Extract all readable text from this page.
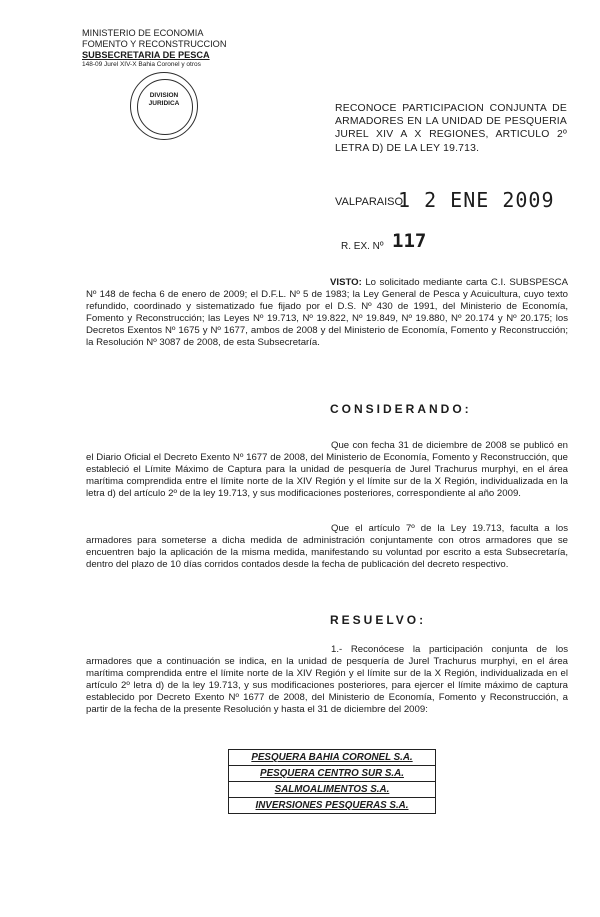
MINISTERIO DE ECONOMIA
FOMENTO Y RECONSTRUCCION
SUBSECRETARIA DE PESCA
148-09 Jurel XIV-X Bahia Coronel y otros
DIVISION
JURIDICA	RECONOCE PARTICIPACION CONJUNTA DE ARMADORES EN LA UNIDAD DE PESQUERIA JUREL XIV A X REGIONES, ARTICULO 2º LETRA D) DE LA LEY 19.713.
VALPARAISO,
1 2 ENE 2009
R. EX. Nº 117

VISTO: Lo solicitado mediante carta C.I. SUBSPESCA Nº 148 de fecha 6 de enero de 2009; el D.F.L. Nº 5 de 1983; la Ley General de Pesca y Acuicultura, cuyo texto refundido, coordinado y sistematizado fue fijado por el D.S. Nº 430 de 1991, del Ministerio de Economía, Fomento y Reconstrucción; las Leyes Nº 19.713, Nº 19.822, Nº 19.849, Nº 19.880, Nº 20.174 y Nº 20.175; los Decretos Exentos Nº 1675 y Nº 1677, ambos de 2008 y del Ministerio de Economía, Fomento y Reconstrucción; la Resolución Nº 3087 de 2008, de esta Subsecretaría.

CONSIDERANDO:

Que con fecha 31 de diciembre de 2008 se publicó en el Diario Oficial el Decreto Exento Nº 1677 de 2008, del Ministerio de Economía, Fomento y Reconstrucción, que estableció el Límite Máximo de Captura para la unidad de pesquería de Jurel Trachurus murphyi, en el área marítima comprendida entre el límite norte de la XIV Región y el límite sur de la X Región, individualizada en la letra d) del artículo 2º de la ley 19.713, y sus modificaciones posteriores, correspondiente al año 2009.

Que el artículo 7º de la Ley 19.713, faculta a los armadores para someterse a dicha medida de administración conjuntamente con otros armadores que se encuentren bajo la aplicación de la misma medida, manifestando su voluntad por escrito a esta Subsecretaría, dentro del plazo de 10 días corridos contados desde la fecha de publicación del decreto respectivo.

RESUELVO:

1.- Reconócese la participación conjunta de los armadores que a continuación se indica, en la unidad de pesquería de Jurel Trachurus murphyi, en el área marítima comprendida entre el límite norte de la XIV Región y el límite sur de la X Región, individualizada en el artículo 2º letra d) de la ley 19.713, y sus modificaciones posteriores, para ejercer el límite máximo de captura establecido por Decreto Exento Nº 1677 de 2008, del Ministerio de Economía, Fomento y Reconstrucción, a partir de la fecha de la presente Resolución y hasta el 31 de diciembre del 2009:

PESQUERA BAHIA CORONEL S.A.
PESQUERA CENTRO SUR S.A.
SALMOALIMENTOS S.A.
INVERSIONES PESQUERAS S.A.
